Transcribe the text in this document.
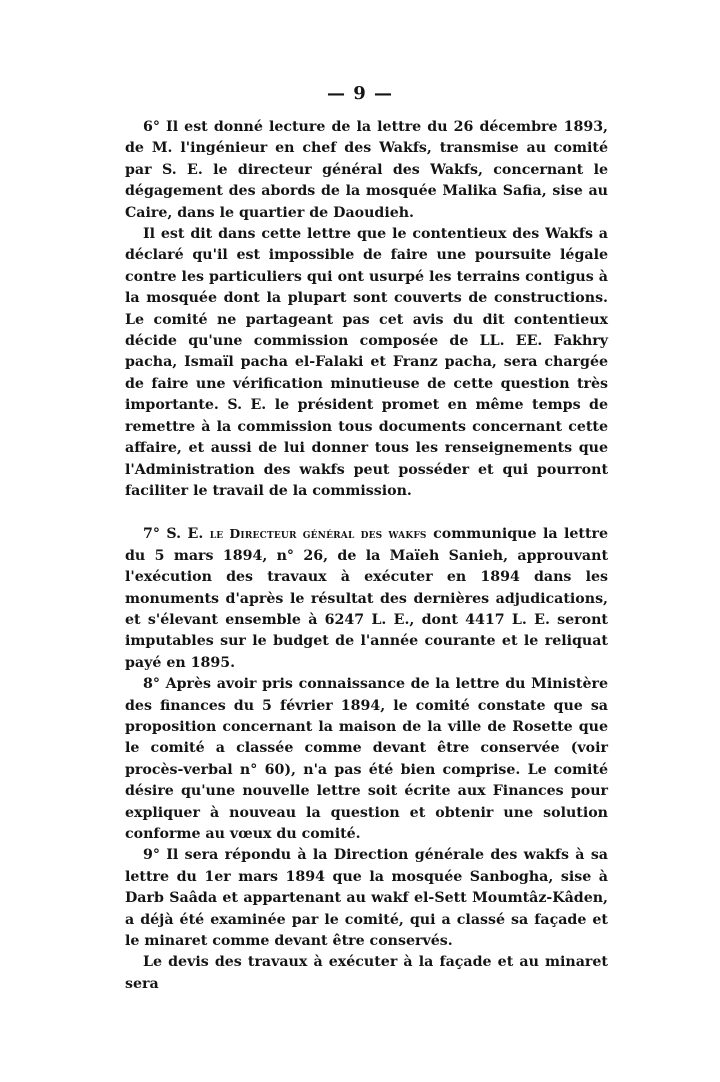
— 9 —

6° Il est donné lecture de la lettre du 26 décembre 1893, de M. l'ingénieur en chef des Wakfs, transmise au comité par S. E. le directeur général des Wakfs, concernant le dégagement des abords de la mosquée Malika Safia, sise au Caire, dans le quartier de Daoudieh.

Il est dit dans cette lettre que le contentieux des Wakfs a déclaré qu'il est impossible de faire une poursuite légale contre les particuliers qui ont usurpé les terrains contigus à la mosquée dont la plupart sont couverts de constructions. Le comité ne partageant pas cet avis du dit contentieux décide qu'une commission composée de LL. EE. Fakhry pacha, Ismaïl pacha el-Falaki et Franz pacha, sera chargée de faire une vérification minutieuse de cette question très importante. S. E. le président promet en même temps de remettre à la commission tous documents concernant cette affaire, et aussi de lui donner tous les renseignements que l'Administration des wakfs peut posséder et qui pourront faciliter le travail de la commission.

7° S. E. le Directeur général des wakfs communique la lettre du 5 mars 1894, n° 26, de la Maïeh Sanieh, approuvant l'exécution des travaux à exécuter en 1894 dans les monuments d'après le résultat des dernières adjudications, et s'élevant ensemble à 6247 L. E., dont 4417 L. E. seront imputables sur le budget de l'année courante et le reliquat payé en 1895.

8° Après avoir pris connaissance de la lettre du Ministère des finances du 5 février 1894, le comité constate que sa proposition concernant la maison de la ville de Rosette que le comité a classée comme devant être conservée (voir procès-verbal n° 60), n'a pas été bien comprise. Le comité désire qu'une nouvelle lettre soit écrite aux Finances pour expliquer à nouveau la question et obtenir une solution conforme au vœux du comité.

9° Il sera répondu à la Direction générale des wakfs à sa lettre du 1er mars 1894 que la mosquée Sanbogha, sise à Darb Saâda et appartenant au wakf el-Sett Moumtâz-Kâden, a déjà été examinée par le comité, qui a classé sa façade et le minaret comme devant être conservés.

Le devis des travaux à exécuter à la façade et au minaret sera
